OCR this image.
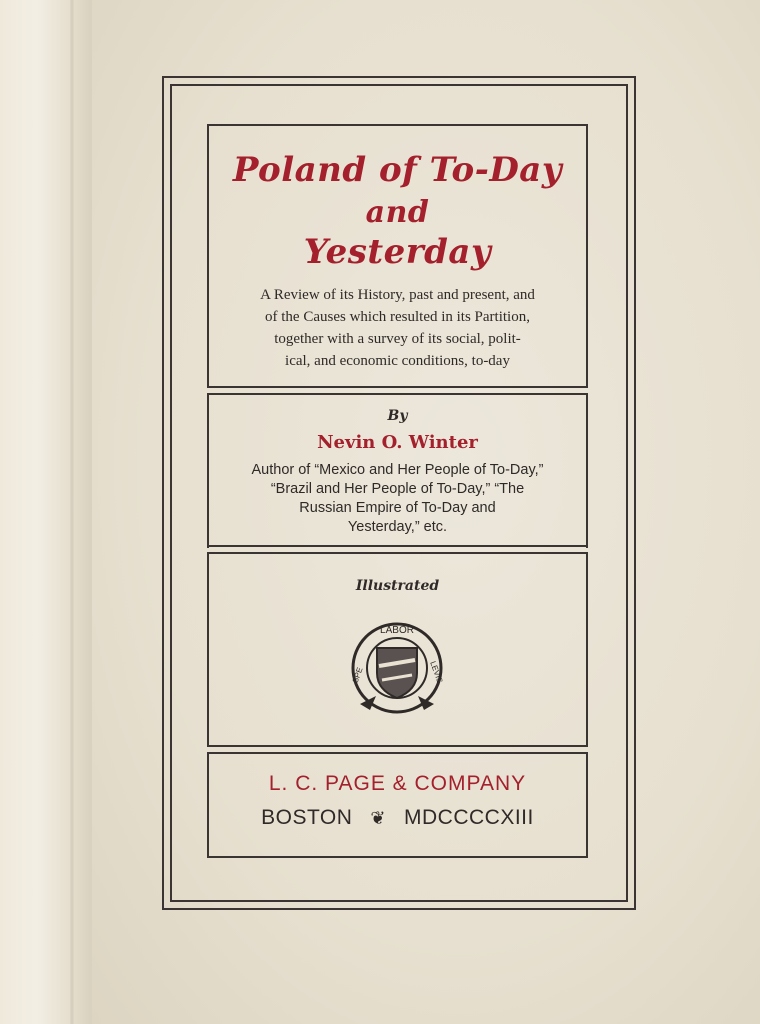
Poland of To-Day
and
Yesterday
A Review of its History, past and present, and
of the Causes which resulted in its Partition,
together with a survey of its social, polit-
ical, and economic conditions, to-day
By
Nevin O. Winter
Author of “Mexico and Her People of To-Day,”
“Brazil and Her People of To-Day,” “The
Russian Empire of To-Day and
Yesterday,” etc.
Illustrated
LABOR
SPE	LEVIS
L. C. PAGE & COMPANY
BOSTON ❦ MDCCCCXIII
